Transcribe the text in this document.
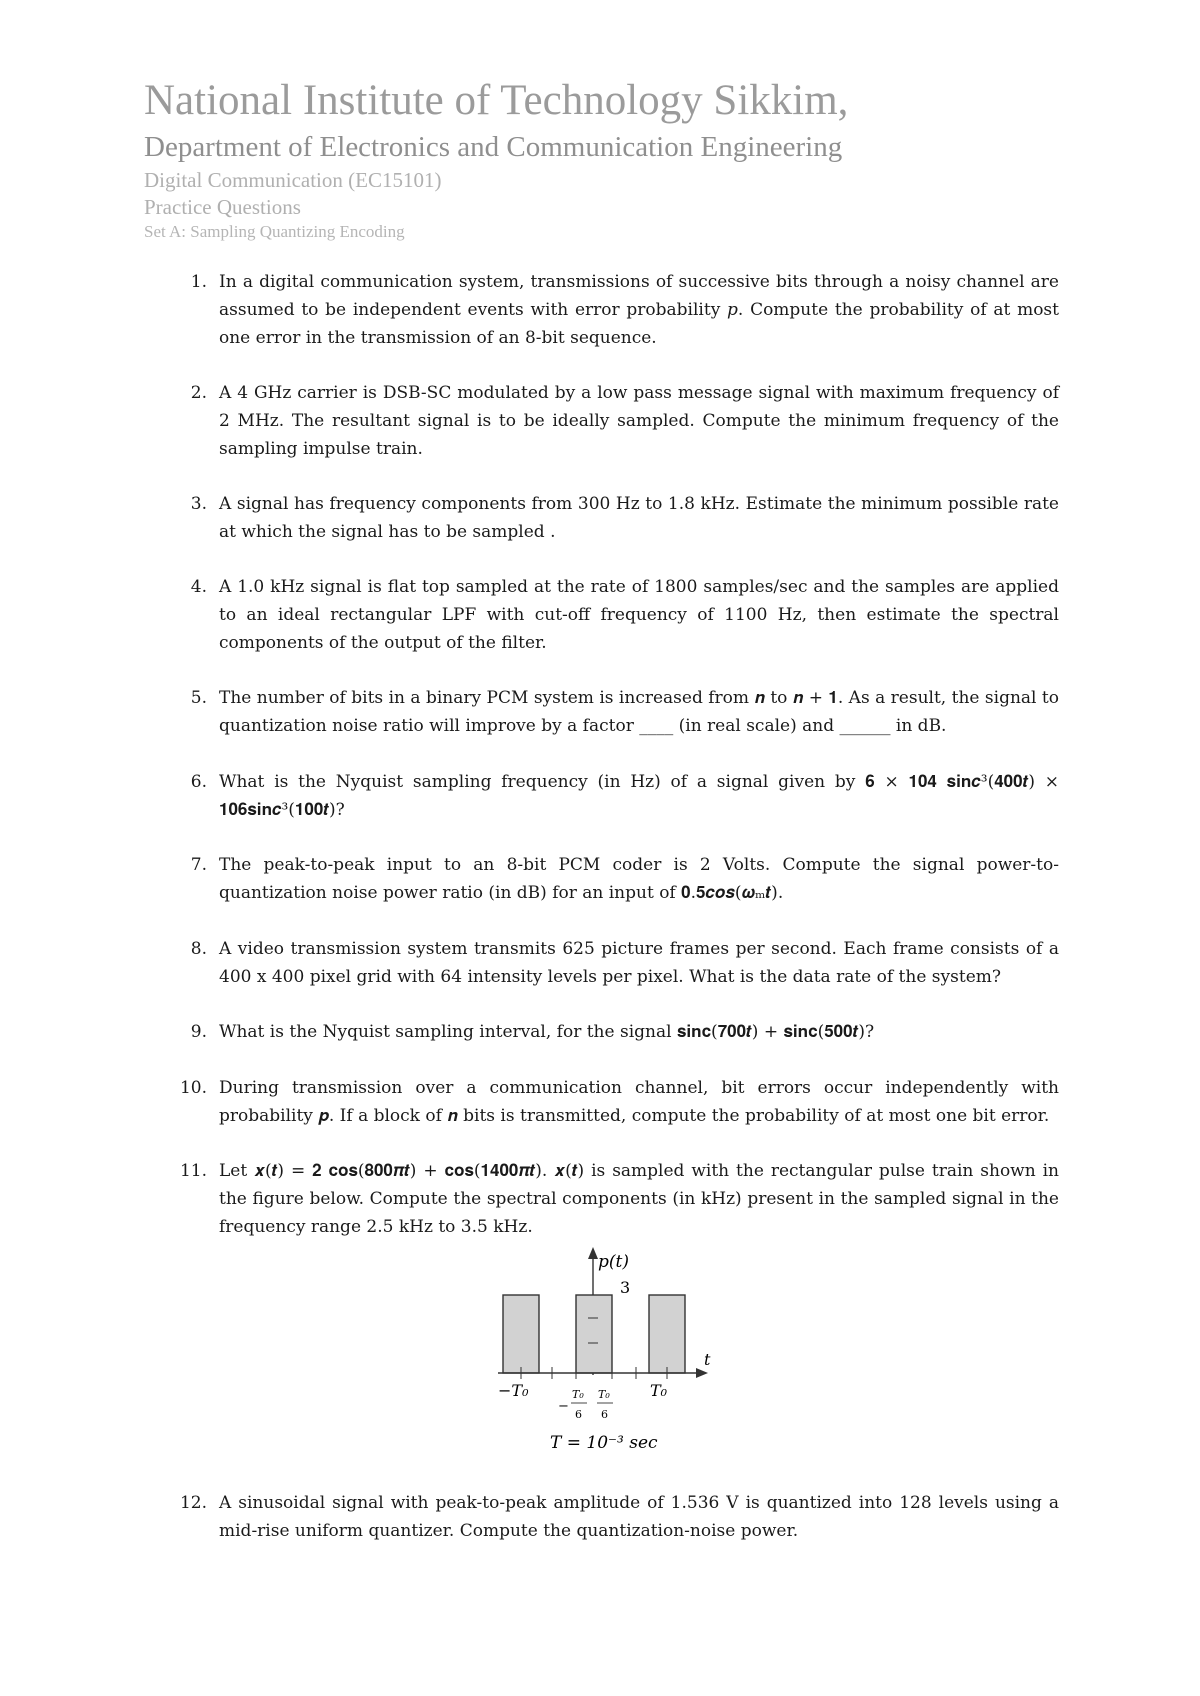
National Institute of Technology Sikkim,
Department of Electronics and Communication Engineering
Digital Communication (EC15101)
Practice Questions
Set A: Sampling Quantizing Encoding
1. In a digital communication system, transmissions of successive bits through a noisy channel are assumed to be independent events with error probability 𝑝. Compute the probability of at most one error in the transmission of an 8-bit sequence.
2. A 4 GHz carrier is DSB-SC modulated by a low pass message signal with maximum frequency of 2 MHz. The resultant signal is to be ideally sampled. Compute the minimum frequency of the sampling impulse train.
3. A signal has frequency components from 300 Hz to 1.8 kHz. Estimate the minimum possible rate at which the signal has to be sampled .
4. A 1.0 kHz signal is flat top sampled at the rate of 1800 samples/sec and the samples are applied to an ideal rectangular LPF with cut-off frequency of 1100 Hz, then estimate the spectral components of the output of the filter.
5. The number of bits in a binary PCM system is increased from 𝒏 to 𝒏 + 𝟏. As a result, the signal to quantization noise ratio will improve by a factor ____ (in real scale) and ______ in dB.
6. What is the Nyquist sampling frequency (in Hz) of a signal given by 𝟔 × 𝟏𝟎𝟒 𝐬𝐢𝐧𝒄³(𝟒𝟎𝟎𝒕) × 𝟏𝟎𝟔𝐬𝐢𝐧𝒄³(𝟏𝟎𝟎𝒕)?
7. The peak-to-peak input to an 8-bit PCM coder is 2 Volts. Compute the signal power-to-quantization noise power ratio (in dB) for an input of 𝟎.𝟓𝒄𝒐𝒔(𝝎ₘ𝒕).
8. A video transmission system transmits 625 picture frames per second. Each frame consists of a 400 x 400 pixel grid with 64 intensity levels per pixel. What is the data rate of the system?
9. What is the Nyquist sampling interval, for the signal 𝐬𝐢𝐧𝐜(𝟕𝟎𝟎𝒕) + 𝐬𝐢𝐧𝐜(𝟓𝟎𝟎𝒕)?
10. During transmission over a communication channel, bit errors occur independently with probability 𝒑. If a block of 𝒏 bits is transmitted, compute the probability of at most one bit error.
11. Let 𝒙(𝒕) = 𝟐 𝐜𝐨𝐬(𝟖𝟎𝟎𝝅𝒕) + 𝐜𝐨𝐬(𝟏𝟒𝟎𝟎𝝅𝒕). 𝒙(𝒕) is sampled with the rectangular pulse train shown in the figure below. Compute the spectral components (in kHz) present in the sampled signal in the frequency range 2.5 kHz to 3.5 kHz.
p(t)
3
t
−T₀	T₀
−
T₀
6
T₀
6
T = 10⁻³ sec
12. A sinusoidal signal with peak-to-peak amplitude of 1.536 V is quantized into 128 levels using a mid-rise uniform quantizer. Compute the quantization-noise power.
